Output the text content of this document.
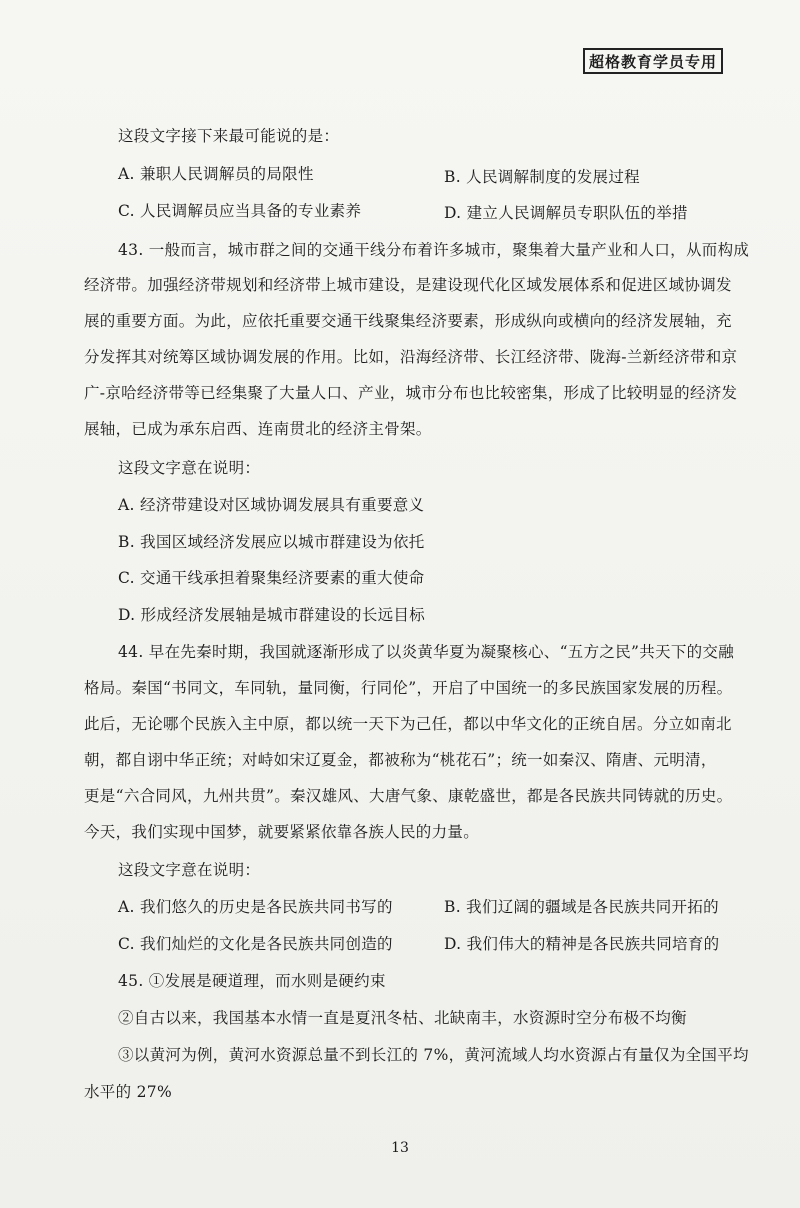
超格教育学员专用
这段文字接下来最可能说的是：
A. 兼职人民调解员的局限性	B. 人民调解制度的发展过程
C. 人民调解员应当具备的专业素养	D. 建立人民调解员专职队伍的举措
43. 一般而言，城市群之间的交通干线分布着许多城市，聚集着大量产业和人口，从而构成
经济带。加强经济带规划和经济带上城市建设，是建设现代化区域发展体系和促进区域协调发
展的重要方面。为此，应依托重要交通干线聚集经济要素，形成纵向或横向的经济发展轴，充
分发挥其对统筹区域协调发展的作用。比如，沿海经济带、长江经济带、陇海-兰新经济带和京
广-京哈经济带等已经集聚了大量人口、产业，城市分布也比较密集，形成了比较明显的经济发
展轴，已成为承东启西、连南贯北的经济主骨架。
这段文字意在说明：
A. 经济带建设对区域协调发展具有重要意义
B. 我国区域经济发展应以城市群建设为依托
C. 交通干线承担着聚集经济要素的重大使命
D. 形成经济发展轴是城市群建设的长远目标
44. 早在先秦时期，我国就逐渐形成了以炎黄华夏为凝聚核心、“五方之民”共天下的交融
格局。秦国“书同文，车同轨，量同衡，行同伦”，开启了中国统一的多民族国家发展的历程。
此后，无论哪个民族入主中原，都以统一天下为己任，都以中华文化的正统自居。分立如南北
朝，都自诩中华正统；对峙如宋辽夏金，都被称为“桃花石”；统一如秦汉、隋唐、元明清，
更是“六合同风，九州共贯”。秦汉雄风、大唐气象、康乾盛世，都是各民族共同铸就的历史。
今天，我们实现中国梦，就要紧紧依靠各族人民的力量。
这段文字意在说明：
A. 我们悠久的历史是各民族共同书写的	B. 我们辽阔的疆域是各民族共同开拓的
C. 我们灿烂的文化是各民族共同创造的	D. 我们伟大的精神是各民族共同培育的
45. ①发展是硬道理，而水则是硬约束
②自古以来，我国基本水情一直是夏汛冬枯、北缺南丰，水资源时空分布极不均衡
③以黄河为例，黄河水资源总量不到长江的 7%，黄河流域人均水资源占有量仅为全国平均
水平的 27%
13
